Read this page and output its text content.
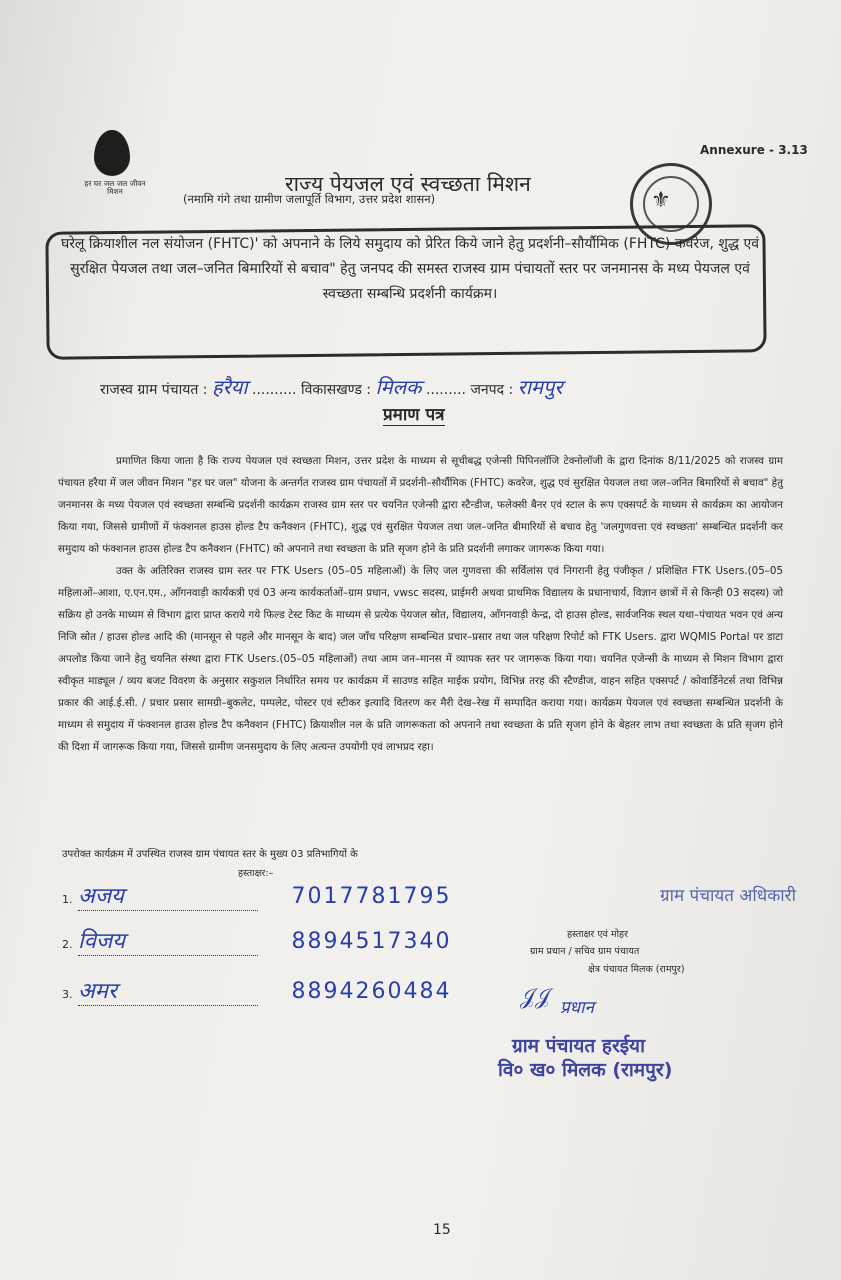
Annexure - 3.13
हर घर जल जल जीवन मिशन	राज्य पेयजल एवं स्वच्छता मिशन
(नमामि गंगे तथा ग्रामीण जलापूर्ति विभाग, उत्तर प्रदेश शासन)	⚜
घरेलू क्रियाशील नल संयोजन (FHTC)' को अपनाने के लिये समुदाय को प्रेरित किये जाने हेतु प्रदर्शनी–सौर्यौमिक (FHTC) कवरेज, शुद्ध एवं सुरक्षित पेयजल तथा जल–जनित बिमारियों से बचाव" हेतु जनपद की समस्त राजस्व ग्राम पंचायतों स्तर पर जनमानस के मध्य पेयजल एवं स्वच्छता सम्बन्धि प्रदर्शनी कार्यक्रम।
राजस्व ग्राम पंचायत : हरैया .......... विकासखण्ड : मिलक ......... जनपद : रामपुर
प्रमाण पत्र
प्रमाणित किया जाता है कि राज्य पेयजल एवं स्वच्छता मिशन, उत्तर प्रदेश के माध्यम से सूचीबद्ध एजेन्सी पिपिनलॉजि टेक्नोलॉजी के द्वारा दिनांक 8/11/2025 को राजस्व ग्राम पंचायत हरैया में जल जीवन मिशन "हर घर जल" योजना के अन्तर्गत राजस्व ग्राम पंचायतों में प्रदर्शनी–सौर्यौमिक (FHTC) कवरेज, शुद्ध एवं सुरक्षित पेयजल तथा जल–जनित बिमारियों से बचाव" हेतु जनमानस के मध्य पेयजल एवं स्वच्छता सम्बन्धि प्रदर्शनी कार्यक्रम राजस्व ग्राम स्तर पर चयनित एजेन्सी द्वारा स्टैन्डीज, फलेक्सी बैनर एवं स्टाल के रूप एक्सपर्ट के माध्यम से कार्यक्रम का आयोजन किया गया, जिससे ग्रामीणों में फंक्शनल हाउस होल्ड टैप कनैक्शन (FHTC), शुद्ध एवं सुरक्षित पेयजल तथा जल–जनित बीमारियों से बचाव हेतु 'जलगुणवत्ता एवं स्वच्छता' सम्बन्धित प्रदर्शनी कर समुदाय को फंक्शनल हाउस होल्ड टैप कनैक्शन (FHTC) को अपनाने तथा स्वच्छता के प्रति सृजग होने के प्रति प्रदर्शनी लगाकर जागरूक किया गया।
उक्त के अतिरिक्त राजस्व ग्राम स्तर पर FTK Users (05–05 महिलाओं) के लिए जल गुणवत्ता की सर्विलांस एवं निगरानी हेतु पंजीकृत / प्रशिक्षित FTK Users.(05–05 महिलाओं–आशा, ए.एन.एम., आँगनवाड़ी कार्यकत्री एवं 03 अन्य कार्यकर्ताओं–ग्राम प्रधान, vwsc सदस्य, प्राईमरी अथवा प्राथमिक विद्यालय के प्रधानाचार्य, विज्ञान छात्रों में से किन्ही 03 सदस्य) जो सक्रिय हो उनके माध्यम से विभाग द्वारा प्राप्त कराये गये फिल्ड टेस्ट किट के माध्यम से प्रत्येक पेयजल स्रोत, विद्यालय, आँगनवाड़ी केन्द्र, दो हाउस होल्ड, सार्वजनिक स्थल यथा–पंचायत भवन एवं अन्य निजि स्रोत / हाउस होल्ड आदि की (मानसून से पहले और मानसून के बाद) जल जाँच परिक्षण सम्बन्धित प्रचार–प्रसार तथा जल परिक्षण रिपोर्ट को FTK Users. द्वारा WQMIS Portal पर डाटा अपलोड किया जाने हेतु चयनित संस्था द्वारा FTK Users.(05–05 महिलाओं) तथा आम जन–मानस में व्यापक स्तर पर जागरूक किया गया। चयनित एजेन्सी के माध्यम से मिशन विभाग द्वारा स्वीकृत माड्यूल / व्यय बजट विवरण के अनुसार सकुशल निर्धारित समय पर कार्यक्रम में साउण्ड सहित माईक प्रयोग, विभिन्न तरह की स्टैण्डीज, वाहन सहित एक्सपर्ट / कोवार्डिनेटर्स तथा विभिन्न प्रकार की आई.ई.सी. / प्रचार प्रसार सामग्री–बुकलेट, पम्पलेट, पोस्टर एवं स्टीकर इत्यादि वितरण कर मैरी देख–रेख में सम्पादित कराया गया। कार्यक्रम पेयजल एवं स्वच्छता सम्बन्धित प्रदर्शनी के माध्यम से समुदाय में फंक्शनल हाउस होल्ड टैप कनैक्शन (FHTC) क्रियाशील नल के प्रति जागरूकता को अपनाने तथा स्वच्छता के प्रति सृजग होने के बेहतर लाभ तथा स्वच्छता के प्रति सृजग होने की दिशा में जागरूक किया गया, जिससे ग्रामीण जनसमुदाय के लिए अत्यन्त उपयोगी एवं लाभप्रद रहा।
उपरोक्त कार्यक्रम में उपस्थित राजस्व ग्राम पंचायत स्तर के मुख्य 03 प्रतिभागियों के
हस्ताक्षर:–
1. अजय	7017781795
2. विजय	8894517340
3. अमर	8894260484
ग्राम पंचायत अधिकारी
हस्ताक्षर एवं मोहर
ग्राम प्रधान / सचिव ग्राम पंचायत
क्षेत्र पंचायत मिलक (रामपुर)
𝒥𝒥 प्रधान
ग्राम पंचायत हरईया
वि० ख० मिलक (रामपुर)
15
